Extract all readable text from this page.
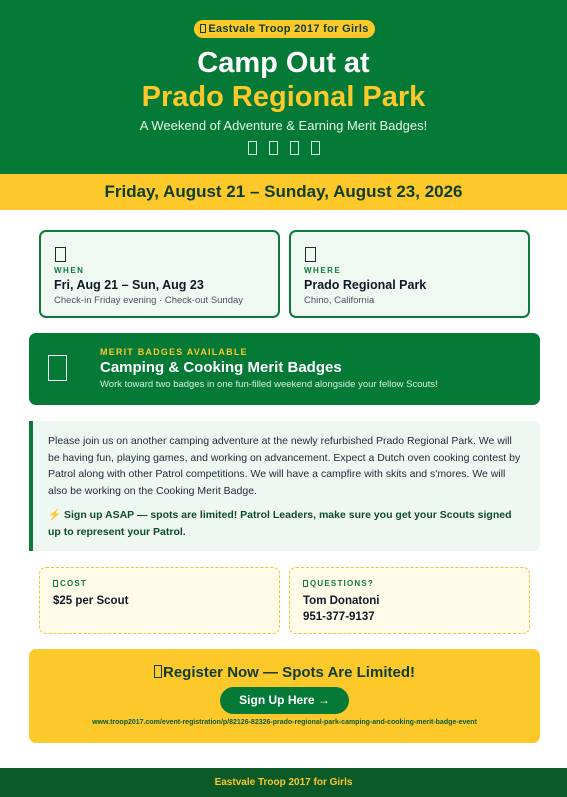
Eastvale Troop 2017 for Girls
Camp Out at
Prado Regional Park
A Weekend of Adventure & Earning Merit Badges!
Friday, August 21 – Sunday, August 23, 2026
WHEN
Fri, Aug 21 – Sun, Aug 23
Check-in Friday evening · Check-out Sunday
WHERE
Prado Regional Park
Chino, California
MERIT BADGES AVAILABLE
Camping & Cooking Merit Badges
Work toward two badges in one fun-filled weekend alongside your fellow Scouts!

Please join us on another camping adventure at the newly refurbished Prado Regional Park. We will be having fun, playing games, and working on advancement. Expect a Dutch oven cooking contest by Patrol along with other Patrol competitions. We will have a campfire with skits and s'mores. We will also be working on the Cooking Merit Badge.

⚡ Sign up ASAP — spots are limited! Patrol Leaders, make sure you get your Scouts signed up to represent your Patrol.

COST
$25 per Scout
QUESTIONS?
Tom Donatoni
951-377-9137
Register Now — Spots Are Limited!
Sign Up Here →
www.troop2017.com/event-registration/p/82126-82326-prado-regional-park-camping-and-cooking-merit-badge-event
Eastvale Troop 2017 for Girls
